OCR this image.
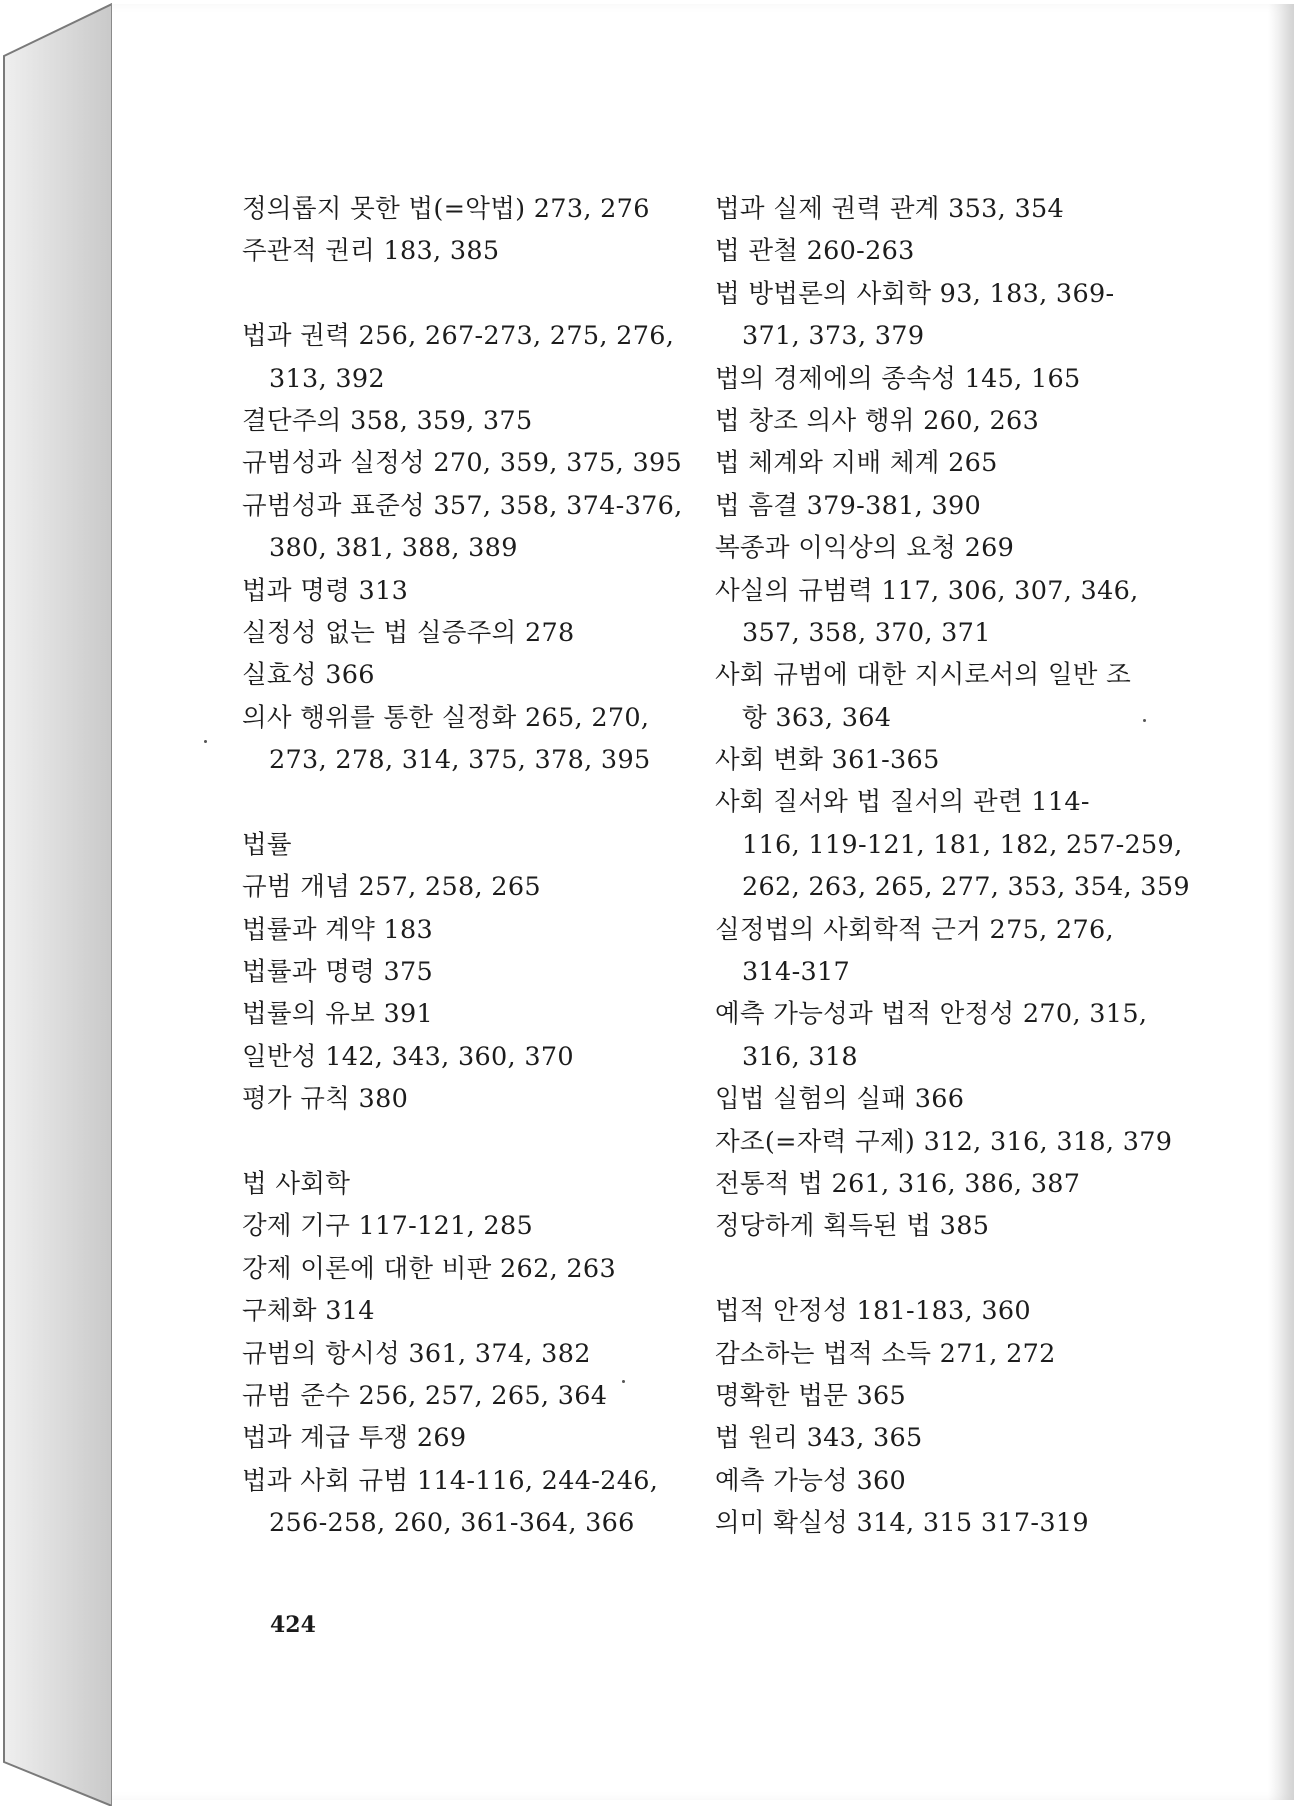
정의롭지 못한 법(=악법) 273, 276
주관적 권리 183, 385
법과 권력 256, 267-273, 275, 276,
313, 392
결단주의 358, 359, 375
규범성과 실정성 270, 359, 375, 395
규범성과 표준성 357, 358, 374-376,
380, 381, 388, 389
법과 명령 313
실정성 없는 법 실증주의 278
실효성 366
의사 행위를 통한 실정화 265, 270,
273, 278, 314, 375, 378, 395
법률
규범 개념 257, 258, 265
법률과 계약 183
법률과 명령 375
법률의 유보 391
일반성 142, 343, 360, 370
평가 규칙 380
법 사회학
강제 기구 117-121, 285
강제 이론에 대한 비판 262, 263
구체화 314
규범의 항시성 361, 374, 382
규범 준수 256, 257, 265, 364
법과 계급 투쟁 269
법과 사회 규범 114-116, 244-246,
256-258, 260, 361-364, 366
법과 실제 권력 관계 353, 354
법 관철 260-263
법 방법론의 사회학 93, 183, 369-
371, 373, 379
법의 경제에의 종속성 145, 165
법 창조 의사 행위 260, 263
법 체계와 지배 체계 265
법 흠결 379-381, 390
복종과 이익상의 요청 269
사실의 규범력 117, 306, 307, 346,
357, 358, 370, 371
사회 규범에 대한 지시로서의 일반 조
항 363, 364
사회 변화 361-365
사회 질서와 법 질서의 관련 114-
116, 119-121, 181, 182, 257-259,
262, 263, 265, 277, 353, 354, 359
실정법의 사회학적 근거 275, 276,
314-317
예측 가능성과 법적 안정성 270, 315,
316, 318
입법 실험의 실패 366
자조(=자력 구제) 312, 316, 318, 379
전통적 법 261, 316, 386, 387
정당하게 획득된 법 385
법적 안정성 181-183, 360
감소하는 법적 소득 271, 272
명확한 법문 365
법 원리 343, 365
예측 가능성 360
의미 확실성 314, 315 317-319
424
